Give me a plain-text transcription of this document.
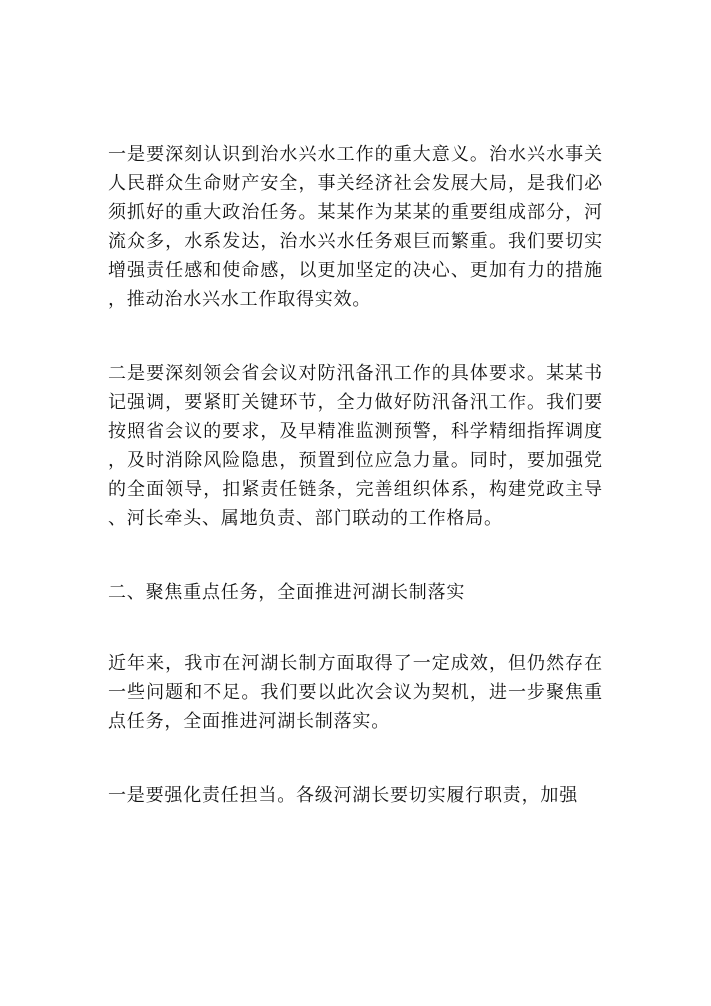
一是要深刻认识到治水兴水工作的重大意义。治水兴水事关人民群众生命财产安全，事关经济社会发展大局，是我们必须抓好的重大政治任务。某某作为某某的重要组成部分，河流众多，水系发达，治水兴水任务艰巨而繁重。我们要切实增强责任感和使命感，以更加坚定的决心、更加有力的措施，推动治水兴水工作取得实效。

二是要深刻领会省会议对防汛备汛工作的具体要求。某某书记强调，要紧盯关键环节，全力做好防汛备汛工作。我们要按照省会议的要求，及早精准监测预警，科学精细指挥调度，及时消除风险隐患，预置到位应急力量。同时，要加强党的全面领导，扣紧责任链条，完善组织体系，构建党政主导、河长牵头、属地负责、部门联动的工作格局。

二、聚焦重点任务，全面推进河湖长制落实

近年来，我市在河湖长制方面取得了一定成效，但仍然存在一些问题和不足。我们要以此次会议为契机，进一步聚焦重点任务，全面推进河湖长制落实。

一是要强化责任担当。各级河湖长要切实履行职责，加强
